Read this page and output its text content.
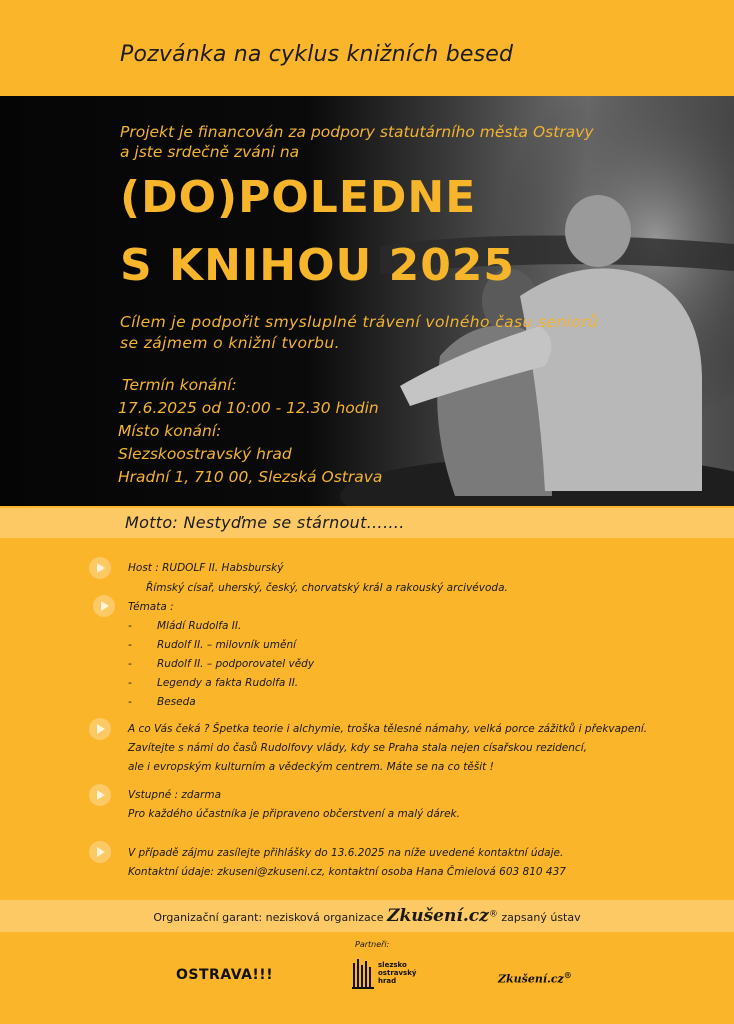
Pozvánka na cyklus knižních besed
Projekt je financován za podpory statutárního města Ostravy
a jste srdečně zváni na
(DO)POLEDNE
S KNIHOU 2025
Cílem je podpořit smysluplné trávení volného času seniorů
se zájmem o knižní tvorbu.
Termín konání:
17.6.2025 od 10:00 - 12.30 hodin
Místo konání:
Slezskoostravský hrad
Hradní 1, 710 00, Slezská Ostrava
Motto: Nestyďme se stárnout…….
Host : RUDOLF II. Habsburský
Římský císař, uherský, český, chorvatský král a rakouský arcivévoda.
Témata :
- Mládí Rudolfa II.
- Rudolf II. – milovník umění
- Rudolf II. – podporovatel vědy
- Legendy a fakta Rudolfa II.
- Beseda
A co Vás čeká ? Špetka teorie i alchymie, troška tělesné námahy, velká porce zážitků i překvapení.
Zavítejte s námi do časů Rudolfovy vlády, kdy se Praha stala nejen císařskou rezidencí,
ale i evropským kulturním a vědeckým centrem. Máte se na co těšit !
Vstupné : zdarma
Pro každého účastníka je připraveno občerstvení a malý dárek.
V případě zájmu zasílejte přihlášky do 13.6.2025 na níže uvedené kontaktní údaje.
Kontaktní údaje: zkuseni@zkuseni.cz, kontaktní osoba Hana Čmielová 603 810 437
Organizační garant: nezisková organizace Zkušení.cz® zapsaný ústav
Partneři:
OSTRAVA!!!
slezsko
ostravský
hrad	Zkušení.cz®
